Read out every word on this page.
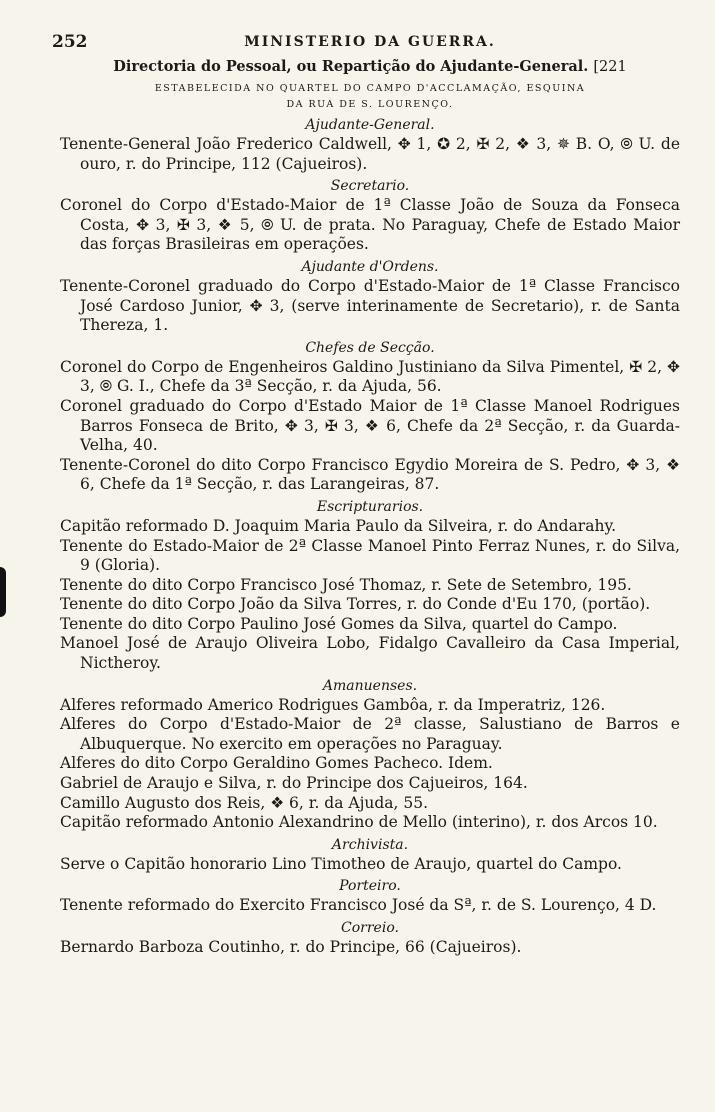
252	MINISTERIO DA GUERRA.
Directoria do Pessoal, ou Repartição do Ajudante-General. [221
ESTABELECIDA NO QUARTEL DO CAMPO D'ACCLAMAÇÃO, ESQUINA
DA RUA DE S. LOURENÇO.
Ajudante-General.
Tenente-General João Frederico Caldwell, ✥ 1, ✪ 2, ✠ 2, ❖ 3, ✵ B. O, ⦾ U. de ouro, r. do Principe, 112 (Cajueiros).
Secretario.
Coronel do Corpo d'Estado-Maior de 1ª Classe João de Souza da Fonseca Costa, ✥ 3, ✠ 3, ❖ 5, ⦾ U. de prata. No Paraguay, Chefe de Estado Maior das forças Brasileiras em operações.
Ajudante d'Ordens.
Tenente-Coronel graduado do Corpo d'Estado-Maior de 1ª Classe Francisco José Cardoso Junior, ✥ 3, (serve interinamente de Secretario), r. de Santa Thereza, 1.
Chefes de Secção.
Coronel do Corpo de Engenheiros Galdino Justiniano da Silva Pimentel, ✠ 2, ✥ 3, ⦾ G. I., Chefe da 3ª Secção, r. da Ajuda, 56.
Coronel graduado do Corpo d'Estado Maior de 1ª Classe Manoel Rodrigues Barros Fonseca de Brito, ✥ 3, ✠ 3, ❖ 6, Chefe da 2ª Secção, r. da Guarda-Velha, 40.
Tenente-Coronel do dito Corpo Francisco Egydio Moreira de S. Pedro, ✥ 3, ❖ 6, Chefe da 1ª Secção, r. das Larangeiras, 87.
Escripturarios.
Capitão reformado D. Joaquim Maria Paulo da Silveira, r. do Andarahy.
Tenente do Estado-Maior de 2ª Classe Manoel Pinto Ferraz Nunes, r. do Silva, 9 (Gloria).
Tenente do dito Corpo Francisco José Thomaz, r. Sete de Setembro, 195.
Tenente do dito Corpo João da Silva Torres, r. do Conde d'Eu 170, (portão).
Tenente do dito Corpo Paulino José Gomes da Silva, quartel do Campo.
Manoel José de Araujo Oliveira Lobo, Fidalgo Cavalleiro da Casa Imperial, Nictheroy.
Amanuenses.
Alferes reformado Americo Rodrigues Gambôa, r. da Imperatriz, 126.
Alferes do Corpo d'Estado-Maior de 2ª classe, Salustiano de Barros e Albuquerque. No exercito em operações no Paraguay.
Alferes do dito Corpo Geraldino Gomes Pacheco. Idem.
Gabriel de Araujo e Silva, r. do Principe dos Cajueiros, 164.
Camillo Augusto dos Reis, ❖ 6, r. da Ajuda, 55.
Capitão reformado Antonio Alexandrino de Mello (interino), r. dos Arcos 10.
Archivista.
Serve o Capitão honorario Lino Timotheo de Araujo, quartel do Campo.
Porteiro.
Tenente reformado do Exercito Francisco José da Sª, r. de S. Lourenço, 4 D.
Correio.
Bernardo Barboza Coutinho, r. do Principe, 66 (Cajueiros).
